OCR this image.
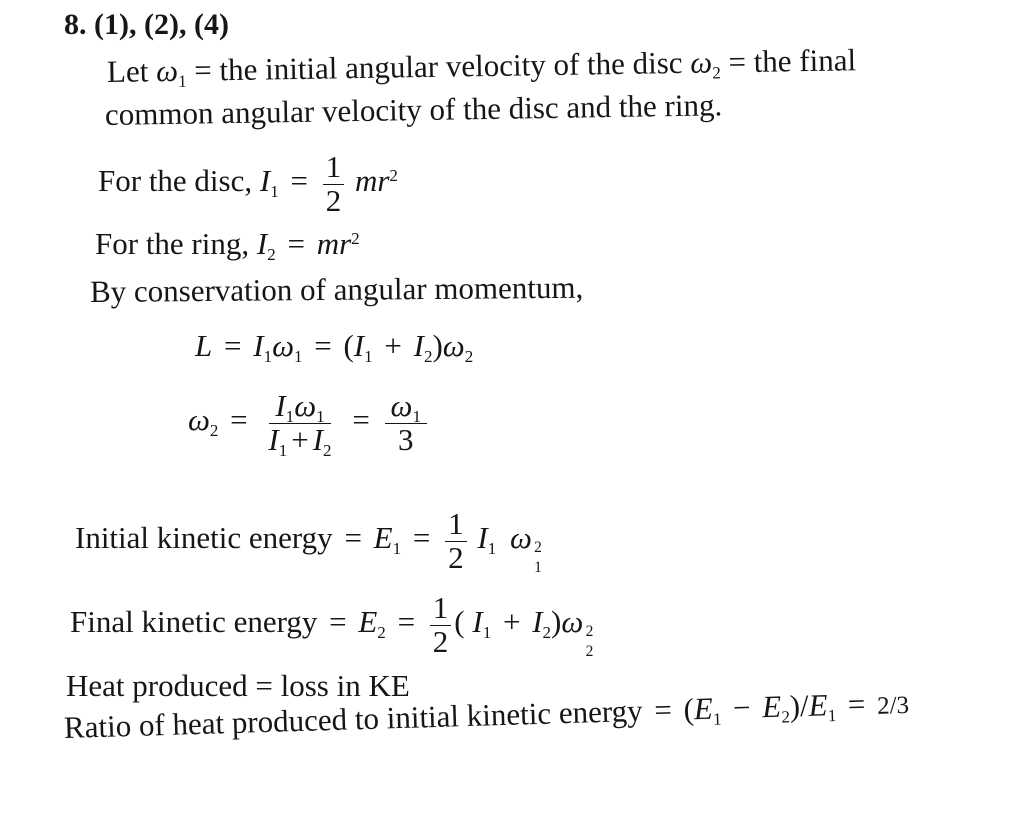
8. (1), (2), (4)
Let $\omega_1$ = the initial angular velocity of the disc $\omega_2$ = the final
common angular velocity of the disc and the ring.
For the disc, $I_1 = \frac{1}{2} mr^2$
For the ring, $I_2 = mr^2$
By conservation of angular momentum,
$L = I_1\omega_1 = (I_1 + I_2)\omega_2$
$\omega_2 = \frac{I_1\omega_1}{I_1 + I_2} = \frac{\omega_1}{3}$
Initial kinetic energy = $E_1 = \frac{1}{2} I_1$ ω 2
1
Final kinetic energy = $E_2 = \frac{1}{2}$ ( $I_1 + I_2)\omega$ 2
2
Heat produced = loss in KE
Ratio of heat produced to initial kinetic energy = $(E_1 - E_2)/E_1 = 2/3$
